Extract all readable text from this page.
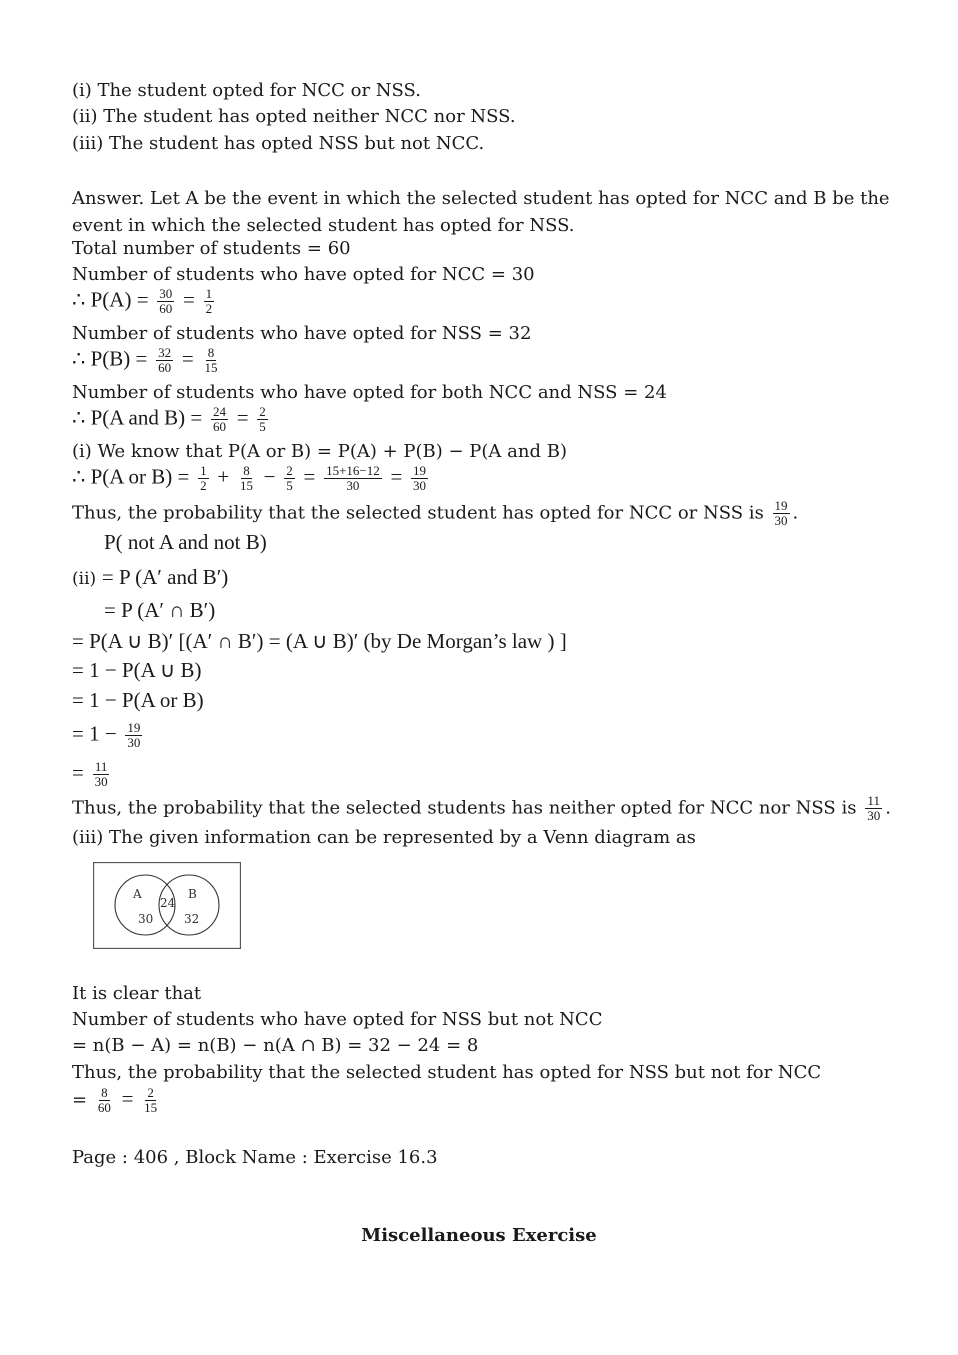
(i) The student opted for NCC or NSS.
(ii) The student has opted neither NCC nor NSS.
(iii) The student has opted NSS but not NCC.
Answer. Let A be the event in which the selected student has opted for NCC and B be the event in which the selected student has opted for NSS.
Total number of students = 60
Number of students who have opted for NCC = 30
∴ $P(A) = \frac{30}{60} = \frac{1}{2}$
Number of students who have opted for NSS = 32
∴ $P(B) = \frac{32}{60} = \frac{8}{15}$
Number of students who have opted for both NCC and NSS = 24
∴ P(A and $B) = \frac{24}{60} = \frac{2}{5}$
(i) We know that P(A or B) = P(A) + P(B) − P(A and B)
∴ P(A or $B) = \frac{1}{2} + \frac{8}{15} - \frac{2}{5} = \frac{15+16-12}{30} = \frac{19}{30}$
Thus, the probability that the selected student has opted for NCC or NSS is $\frac{19}{30}$ .
P( not A and not B)
(ii) = P (A′ and B′)
= P (A′ ∩ B′)
= P(A ∪ B)′ [(A′ ∩ B′) = (A ∪ B)′ (by De Morgan’s law ) ]
= 1 − P(A ∪ B)
= 1 − P(A or B)
= $1 - \frac{19}{30}$
= $\frac{11}{30}$
Thus, the probability that the selected students has neither opted for NCC nor NSS is $\frac{11}{30}$ .
(iii) The given information can be represented by a Venn diagram as
A	B
30
24
32
It is clear that
Number of students who have opted for NSS but not NCC
= n(B − A) = n(B) − n(A ∩ B) = 32 − 24 = 8
Thus, the probability that the selected student has opted for NSS but not for NCC
= $\frac{8}{60} = \frac{2}{15}$
Page : 406 , Block Name : Exercise 16.3
Miscellaneous Exercise
